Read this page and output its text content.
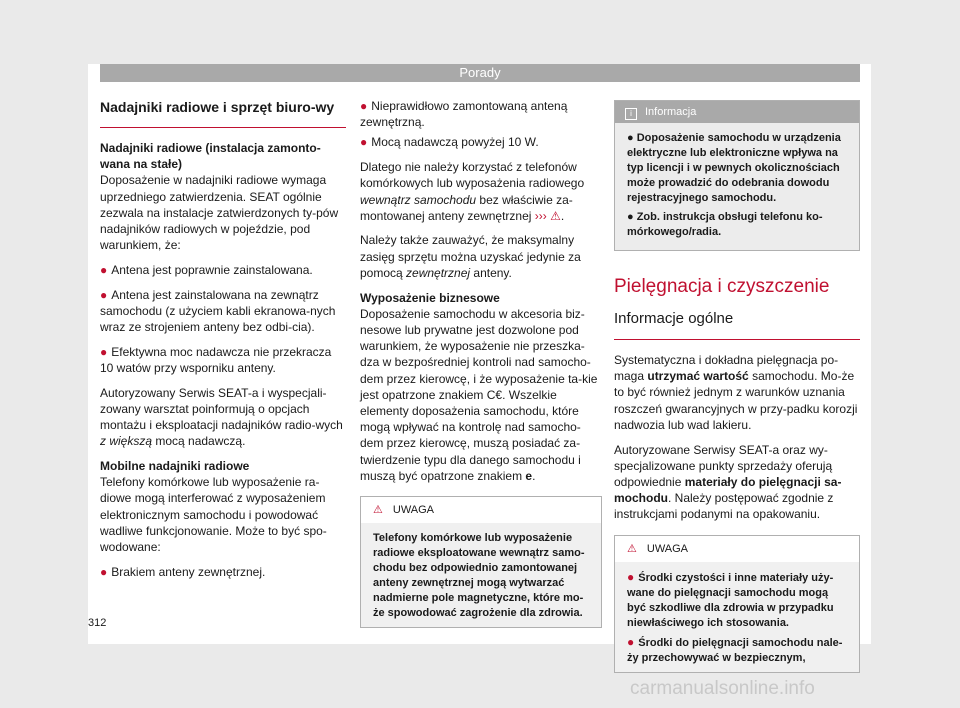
Porady
Nadajniki radiowe i sprzęt biuro-wy

Nadajniki radiowe (instalacja zamonto-wana na stałe)

Doposażenie w nadajniki radiowe wymaga uprzedniego zatwierdzenia. SEAT ogólnie zezwala na instalacje zatwierdzonych ty-pów nadajników radiowych w pojeździe, pod warunkiem, że:

● Antena jest poprawnie zainstalowana.

● Antena jest zainstalowana na zewnątrz samochodu (z użyciem kabli ekranowa-nych wraz ze strojeniem anteny bez odbi-cia).

● Efektywna moc nadawcza nie przekracza 10 watów przy wsporniku anteny.

Autoryzowany Serwis SEAT-a i wyspecjali-zowany warsztat poinformują o opcjach montażu i eksploatacji nadajników radio-wych z większą mocą nadawczą.

Mobilne nadajniki radiowe

Telefony komórkowe lub wyposażenie ra-diowe mogą interferować z wyposażeniem elektronicznym samochodu i powodować wadliwe funkcjonowanie. Może to być spo-wodowane:

● Brakiem anteny zewnętrznej.

● Nieprawidłowo zamontowaną anteną zewnętrzną.

● Mocą nadawczą powyżej 10 W.

Dlatego nie należy korzystać z telefonów komórkowych lub wyposażenia radiowego wewnątrz samochodu bez właściwie za-montowanej anteny zewnętrznej ››› ⚠.

Należy także zauważyć, że maksymalny zasięg sprzętu można uzyskać jedynie za pomocą zewnętrznej anteny.

Wyposażenie biznesowe

Doposażenie samochodu w akcesoria biz-nesowe lub prywatne jest dozwolone pod warunkiem, że wyposażenie nie przeszka-dza w bezpośredniej kontroli nad samocho-dem przez kierowcę, i że wyposażenie ta-kie jest opatrzone znakiem C€. Wszelkie elementy doposażenia samochodu, które mogą wpływać na kontrolę nad samocho-dem przez kierowcę, muszą posiadać za-twierdzenie typu dla danego samochodu i muszą być opatrzone znakiem e.

⚠ UWAGA
Telefony komórkowe lub wyposażenie radiowe eksploatowane wewnątrz samo-chodu bez odpowiednio zamontowanej anteny zewnętrznej mogą wytwarzać nadmierne pole magnetyczne, które mo-że spowodować zagrożenie dla zdrowia.
i Informacja

● Doposażenie samochodu w urządzenia elektryczne lub elektroniczne wpływa na typ licencji i w pewnych okolicznościach może prowadzić do odebrania dowodu rejestracyjnego samochodu.

● Zob. instrukcja obsługi telefonu ko-mórkowego/radia.

Pielęgnacja i czyszczenie
Informacje ogólne

Systematyczna i dokładna pielęgnacja po-maga utrzymać wartość samochodu. Mo-że to być również jednym z warunków uznania roszczeń gwarancyjnych w przy-padku korozji nadwozia lub wad lakieru.

Autoryzowane Serwisy SEAT-a oraz wy-specjalizowane punkty sprzedaży oferują odpowiednie materiały do pielęgnacji sa-mochodu. Należy postępować zgodnie z instrukcjami podanymi na opakowaniu.

⚠ UWAGA
● Środki czystości i inne materiały uży-wane do pielęgnacji samochodu mogą być szkodliwe dla zdrowia w przypadku niewłaściwego ich stosowania.
● Środki do pielęgnacji samochodu nale-ży przechowywać w bezpiecznym,
312
carmanualsonline.info
